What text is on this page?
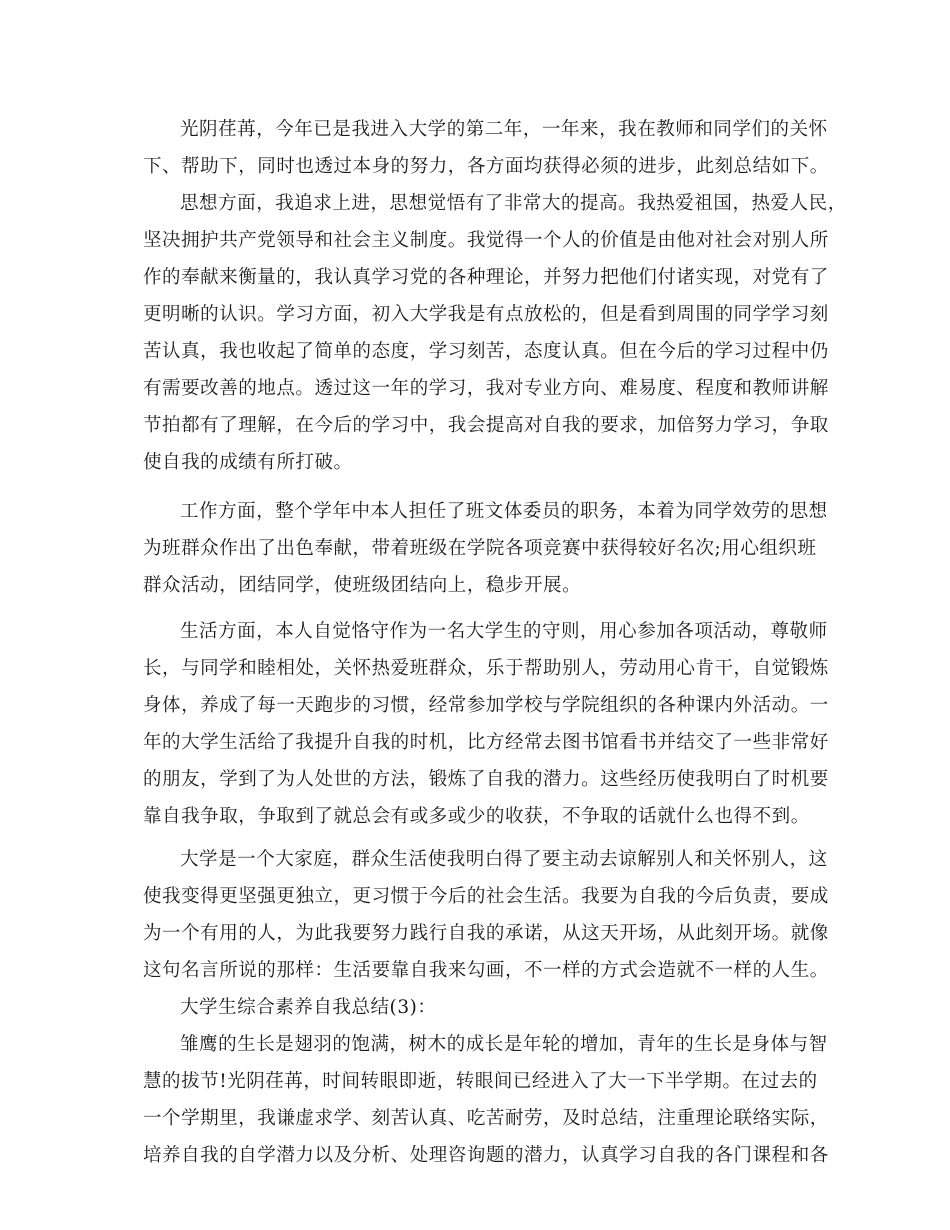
光阴荏苒，今年已是我进入大学的第二年，一年来，我在教师和同学们的关怀
下、帮助下，同时也透过本身的努力，各方面均获得必须的进步，此刻总结如下。
思想方面，我追求上进，思想觉悟有了非常大的提高。我热爱祖国，热爱人民，
坚决拥护共产党领导和社会主义制度。我觉得一个人的价值是由他对社会对别人所
作的奉献来衡量的，我认真学习党的各种理论，并努力把他们付诸实现，对党有了
更明晰的认识。学习方面，初入大学我是有点放松的，但是看到周围的同学学习刻
苦认真，我也收起了简单的态度，学习刻苦，态度认真。但在今后的学习过程中仍
有需要改善的地点。透过这一年的学习，我对专业方向、难易度、程度和教师讲解
节拍都有了理解，在今后的学习中，我会提高对自我的要求，加倍努力学习，争取
使自我的成绩有所打破。
工作方面，整个学年中本人担任了班文体委员的职务，本着为同学效劳的思想
为班群众作出了出色奉献，带着班级在学院各项竞赛中获得较好名次;用心组织班
群众活动，团结同学，使班级团结向上，稳步开展。
生活方面，本人自觉恪守作为一名大学生的守则，用心参加各项活动，尊敬师
长，与同学和睦相处，关怀热爱班群众，乐于帮助别人，劳动用心肯干，自觉锻炼
身体，养成了每一天跑步的习惯，经常参加学校与学院组织的各种课内外活动。一
年的大学生活给了我提升自我的时机，比方经常去图书馆看书并结交了一些非常好
的朋友，学到了为人处世的方法，锻炼了自我的潜力。这些经历使我明白了时机要
靠自我争取，争取到了就总会有或多或少的收获，不争取的话就什么也得不到。
大学是一个大家庭，群众生活使我明白得了要主动去谅解别人和关怀别人，这
使我变得更坚强更独立，更习惯于今后的社会生活。我要为自我的今后负责，要成
为一个有用的人，为此我要努力践行自我的承诺，从这天开场，从此刻开场。就像
这句名言所说的那样：生活要靠自我来勾画，不一样的方式会造就不一样的人生。
大学生综合素养自我总结(3)：
雏鹰的生长是翅羽的饱满，树木的成长是年轮的增加，青年的生长是身体与智
慧的拔节!光阴荏苒，时间转眼即逝，转眼间已经进入了大一下半学期。在过去的
一个学期里，我谦虚求学、刻苦认真、吃苦耐劳，及时总结，注重理论联络实际，
培养自我的自学潜力以及分析、处理咨询题的潜力，认真学习自我的各门课程和各
